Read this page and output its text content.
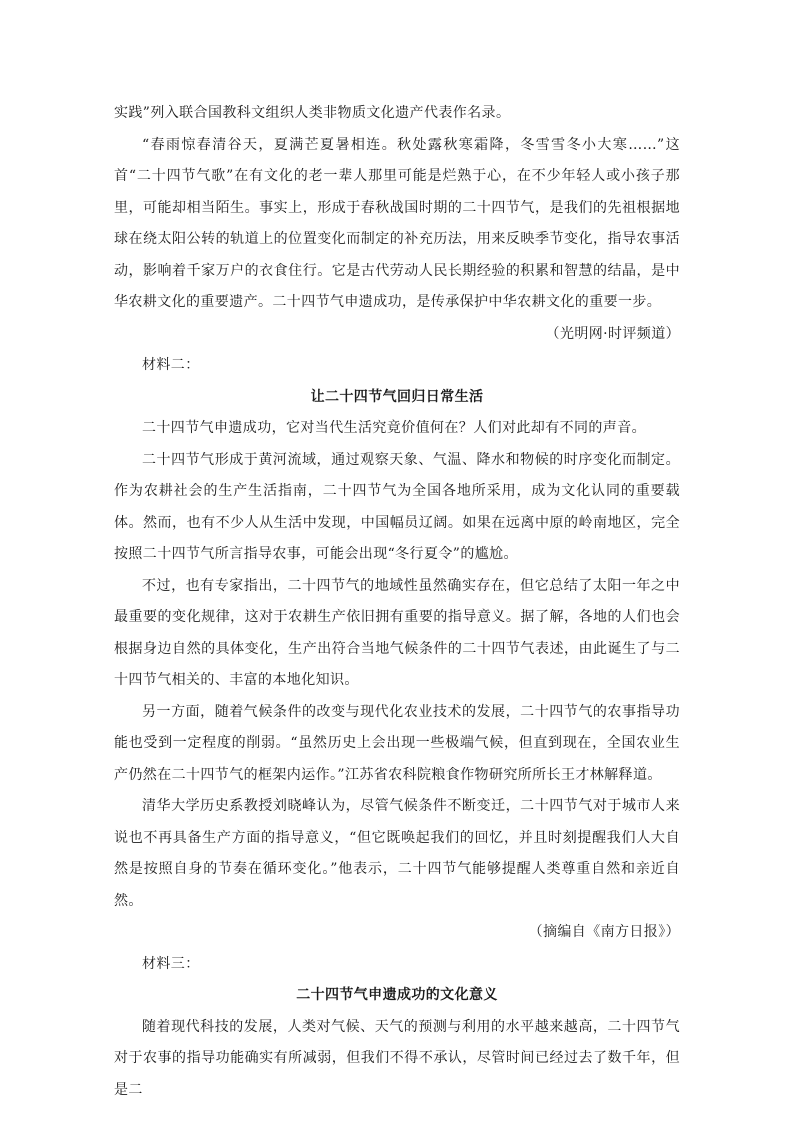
实践”列入联合国教科文组织人类非物质文化遗产代表作名录。

“春雨惊春清谷天，夏满芒夏暑相连。秋处露秋寒霜降，冬雪雪冬小大寒……”这首“二十四节气歌”在有文化的老一辈人那里可能是烂熟于心，在不少年轻人或小孩子那里，可能却相当陌生。事实上，形成于春秋战国时期的二十四节气，是我们的先祖根据地球在绕太阳公转的轨道上的位置变化而制定的补充历法，用来反映季节变化，指导农事活动，影响着千家万户的衣食住行。它是古代劳动人民长期经验的积累和智慧的结晶，是中华农耕文化的重要遗产。二十四节气申遗成功，是传承保护中华农耕文化的重要一步。

（光明网·时评频道）

材料二：

让二十四节气回归日常生活

二十四节气申遗成功，它对当代生活究竟价值何在？人们对此却有不同的声音。

二十四节气形成于黄河流域，通过观察天象、气温、降水和物候的时序变化而制定。作为农耕社会的生产生活指南，二十四节气为全国各地所采用，成为文化认同的重要载体。然而，也有不少人从生活中发现，中国幅员辽阔。如果在远离中原的岭南地区，完全按照二十四节气所言指导农事，可能会出现“冬行夏令”的尴尬。

不过，也有专家指出，二十四节气的地域性虽然确实存在，但它总结了太阳一年之中最重要的变化规律，这对于农耕生产依旧拥有重要的指导意义。据了解，各地的人们也会根据身边自然的具体变化，生产出符合当地气候条件的二十四节气表述，由此诞生了与二十四节气相关的、丰富的本地化知识。

另一方面，随着气候条件的改变与现代化农业技术的发展，二十四节气的农事指导功能也受到一定程度的削弱。“虽然历史上会出现一些极端气候，但直到现在，全国农业生产仍然在二十四节气的框架内运作。”江苏省农科院粮食作物研究所所长王才林解释道。

清华大学历史系教授刘晓峰认为，尽管气候条件不断变迁，二十四节气对于城市人来说也不再具备生产方面的指导意义，“但它既唤起我们的回忆，并且时刻提醒我们人大自然是按照自身的节奏在循环变化。”他表示，二十四节气能够提醒人类尊重自然和亲近自然。

（摘编自《南方日报》）

材料三：

二十四节气申遗成功的文化意义

随着现代科技的发展，人类对气候、天气的预测与利用的水平越来越高，二十四节气对于农事的指导功能确实有所减弱，但我们不得不承认，尽管时间已经过去了数千年，但是二
